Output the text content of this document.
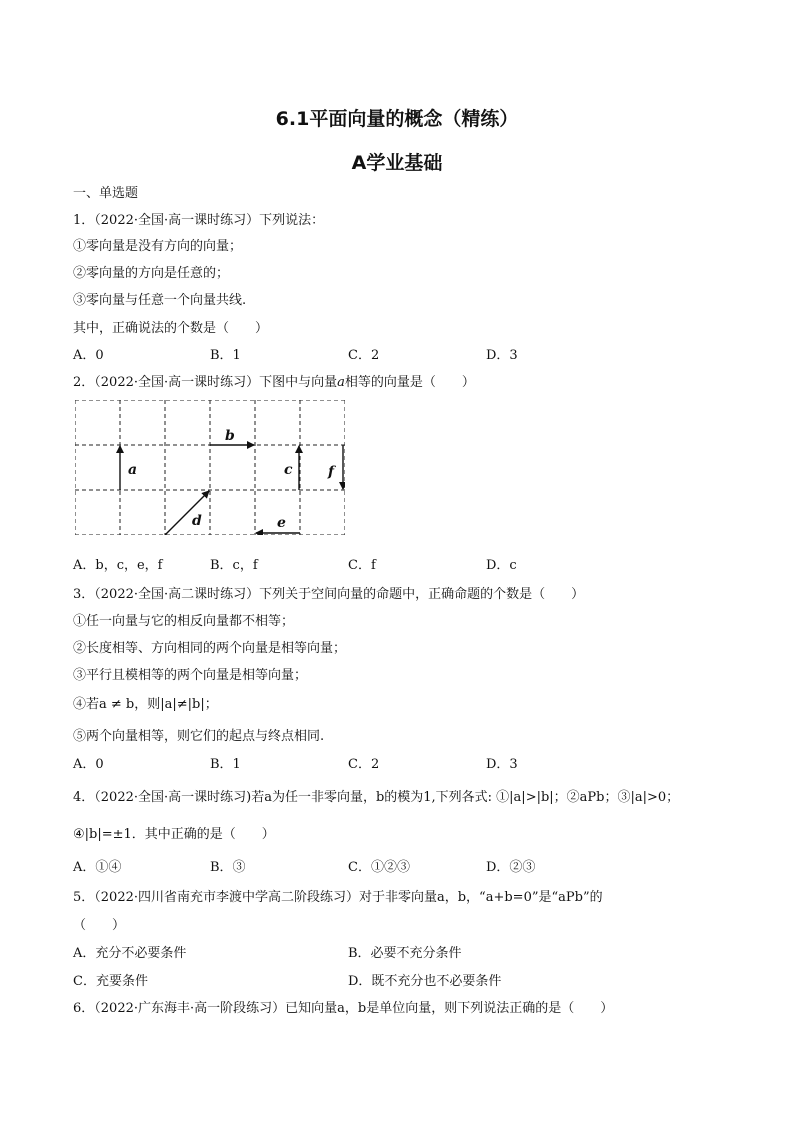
6.1平面向量的概念（精练）
A学业基础
一、单选题
1．（2022·全国·高一课时练习）下列说法：
①零向量是没有方向的向量；
②零向量的方向是任意的；
③零向量与任意一个向量共线.
其中，正确说法的个数是（　　）
A．0	B．1	C．2	D．3
2．（2022·全国·高一课时练习）下图中与向量a相等的向量是（　　）
b
a	c	f
d	e
A．b，c，e，f	B．c，f	C．f	D．c
3．（2022·全国·高二课时练习）下列关于空间向量的命题中，正确命题的个数是（　　）
①任一向量与它的相反向量都不相等；
②长度相等、方向相同的两个向量是相等向量；
③平行且模相等的两个向量是相等向量；
④若a ≠ b，则|a|≠|b|；
⑤两个向量相等，则它们的起点与终点相同.
A．0	B．1	C．2	D．3
4．（2022·全国·高一课时练习)若a为任一非零向量，b的模为1,下列各式: ①|a|>|b|；②aPb；③|a|>0；
④|b|=±1．其中正确的是（　　）
A．①④	B．③	C．①②③	D．②③
5．（2022·四川省南充市李渡中学高二阶段练习）对于非零向量a，b，“a+b=0”是“aPb”的
（　　）
A．充分不必要条件	B．必要不充分条件
C．充要条件	D．既不充分也不必要条件
6．（2022·广东海丰·高一阶段练习）已知向量a，b是单位向量，则下列说法正确的是（　　）
